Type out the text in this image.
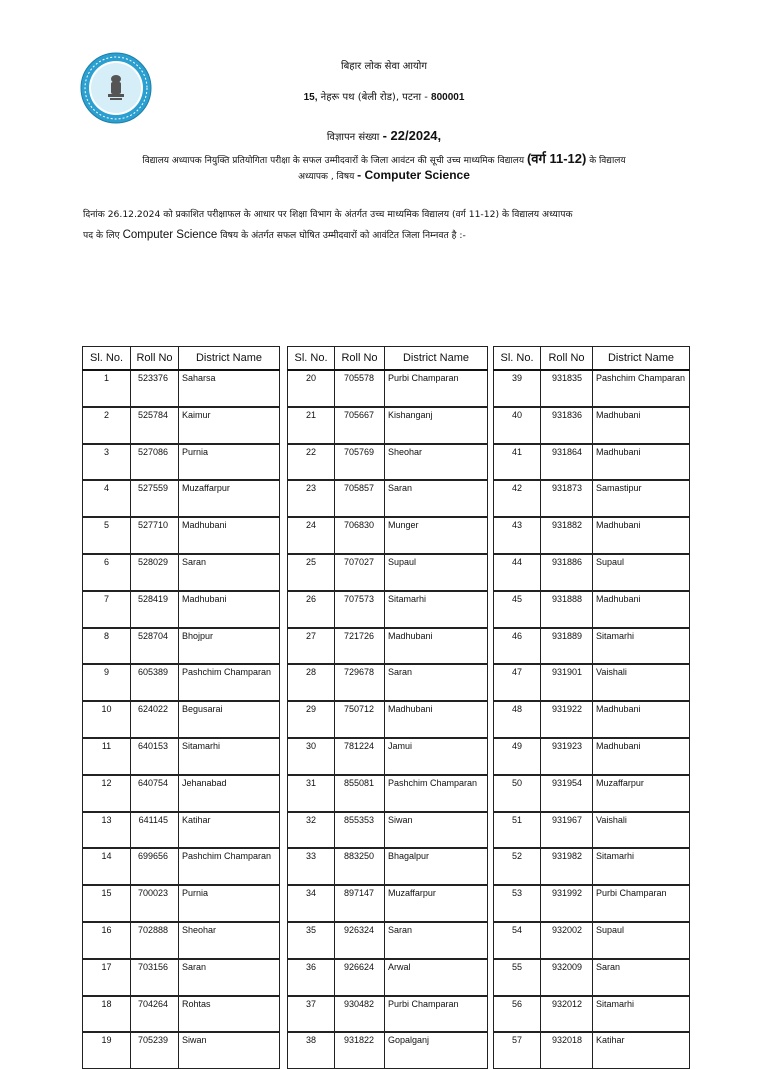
बिहार लोक सेवा आयोग
15, नेहरू पथ (बेली रोड), पटना - 800001
विज्ञापन संख्या - 22/2024,
विद्यालय अध्यापक नियुक्ति प्रतियोगिता परीक्षा के सफल उम्मीदवारों के जिला आवंटन की सूची उच्च माध्यमिक विद्यालय (वर्ग 11-12) के विद्यालय
अध्यापक , विषय - Computer Science
दिनांक 26.12.2024 को प्रकाशित परीक्षाफल के आधार पर शिक्षा विभाग के अंतर्गत उच्च माध्यमिक विद्यालय (वर्ग 11-12) के विद्यालय अध्यापक
पद के लिए Computer Science विषय के अंतर्गत सफल घोषित उम्मीदवारों को आवंटित जिला निम्नवत है :-
Sl. No.	Roll No	District Name
1	523376	Saharsa
2	525784	Kaimur
3	527086	Purnia
4	527559	Muzaffarpur
5	527710	Madhubani
6	528029	Saran
7	528419	Madhubani
8	528704	Bhojpur
9	605389	Pashchim Champaran
10	624022	Begusarai
11	640153	Sitamarhi
12	640754	Jehanabad
13	641145	Katihar
14	699656	Pashchim Champaran
15	700023	Purnia
16	702888	Sheohar
17	703156	Saran
18	704264	Rohtas
19	705239	Siwan
Sl. No.	Roll No	District Name
20	705578	Purbi Champaran
21	705667	Kishanganj
22	705769	Sheohar
23	705857	Saran
24	706830	Munger
25	707027	Supaul
26	707573	Sitamarhi
27	721726	Madhubani
28	729678	Saran
29	750712	Madhubani
30	781224	Jamui
31	855081	Pashchim Champaran
32	855353	Siwan
33	883250	Bhagalpur
34	897147	Muzaffarpur
35	926324	Saran
36	926624	Arwal
37	930482	Purbi Champaran
38	931822	Gopalganj
Sl. No.	Roll No	District Name
39	931835	Pashchim Champaran
40	931836	Madhubani
41	931864	Madhubani
42	931873	Samastipur
43	931882	Madhubani
44	931886	Supaul
45	931888	Madhubani
46	931889	Sitamarhi
47	931901	Vaishali
48	931922	Madhubani
49	931923	Madhubani
50	931954	Muzaffarpur
51	931967	Vaishali
52	931982	Sitamarhi
53	931992	Purbi Champaran
54	932002	Supaul
55	932009	Saran
56	932012	Sitamarhi
57	932018	Katihar
